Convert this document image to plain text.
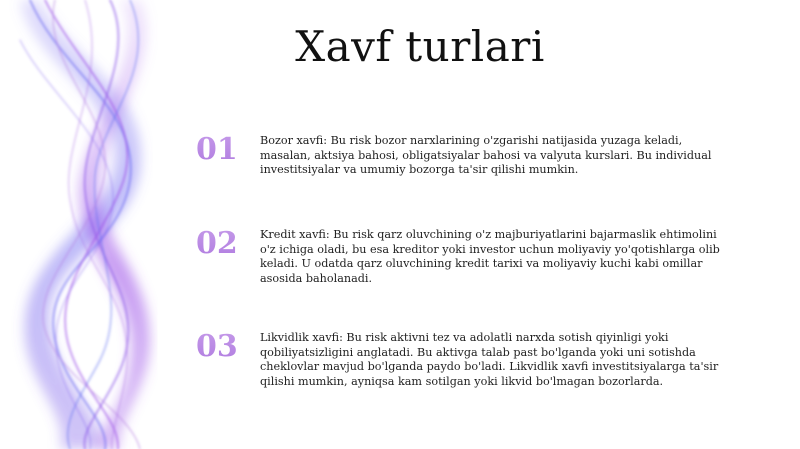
Xavf turlari
01	Bozor xavfi: Bu risk bozor narxlarining o'zgarishi natijasida yuzaga keladi, masalan, aktsiya bahosi, obligatsiyalar bahosi va valyuta kurslari. Bu individual investitsiyalar va umumiy bozorga ta'sir qilishi mumkin.
02	Kredit xavfi: Bu risk qarz oluvchining o'z majburiyatlarini bajarmaslik ehtimolini o'z ichiga oladi, bu esa kreditor yoki investor uchun moliyaviy yo'qotishlarga olib keladi. U odatda qarz oluvchining kredit tarixi va moliyaviy kuchi kabi omillar asosida baholanadi.
03	Likvidlik xavfi: Bu risk aktivni tez va adolatli narxda sotish qiyinligi yoki qobiliyatsizligini anglatadi. Bu aktivga talab past bo'lganda yoki uni sotishda cheklovlar mavjud bo'lganda paydo bo'ladi. Likvidlik xavfi investitsiyalarga ta'sir qilishi mumkin, ayniqsa kam sotilgan yoki likvid bo'lmagan bozorlarda.
